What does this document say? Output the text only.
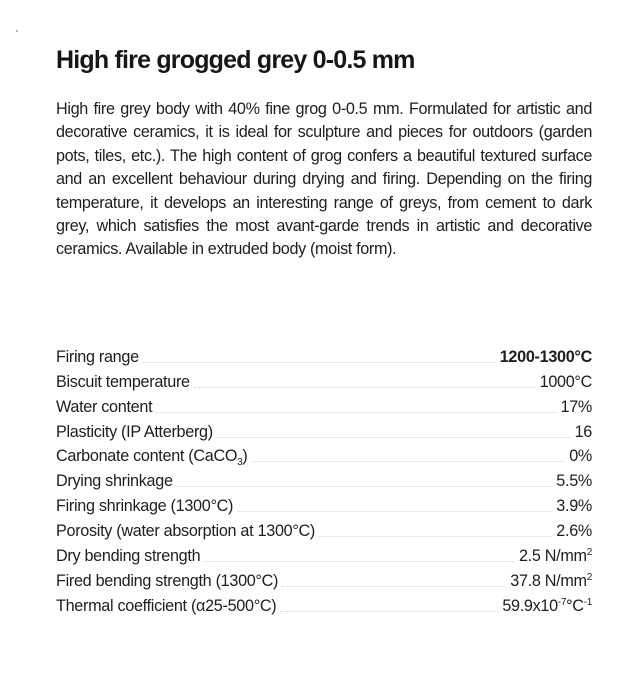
High fire grogged grey 0-0.5 mm

High fire grey body with 40% fine grog 0-0.5 mm. Formulated for artistic and decorative ceramics, it is ideal for sculpture and pieces for outdoors (garden pots, tiles, etc.). The high content of grog confers a beautiful textured surface and an excellent behaviour during drying and firing. Depending on the firing temperature, it develops an interesting range of greys, from cement to dark grey, which satisfies the most avant-garde trends in artistic and decorative ceramics. Available in extruded body (moist form).

Firing range	1200-1300°C
Biscuit temperature	1000°C
Water content	17%
Plasticity (IP Atterberg)	16
Carbonate content (CaCO$_3$)	0%
Drying shrinkage	5.5%
Firing shrinkage (1300°C)	3.9%
Porosity (water absorption at 1300°C)	2.6%
Dry bending strength	2.5 $N/mm^2$
Fired bending strength (1300°C)	37.8 $N/mm^2$
Thermal coefficient (α25-500°C)	$59.9x10^{-7}^\circ C^{-1}$
